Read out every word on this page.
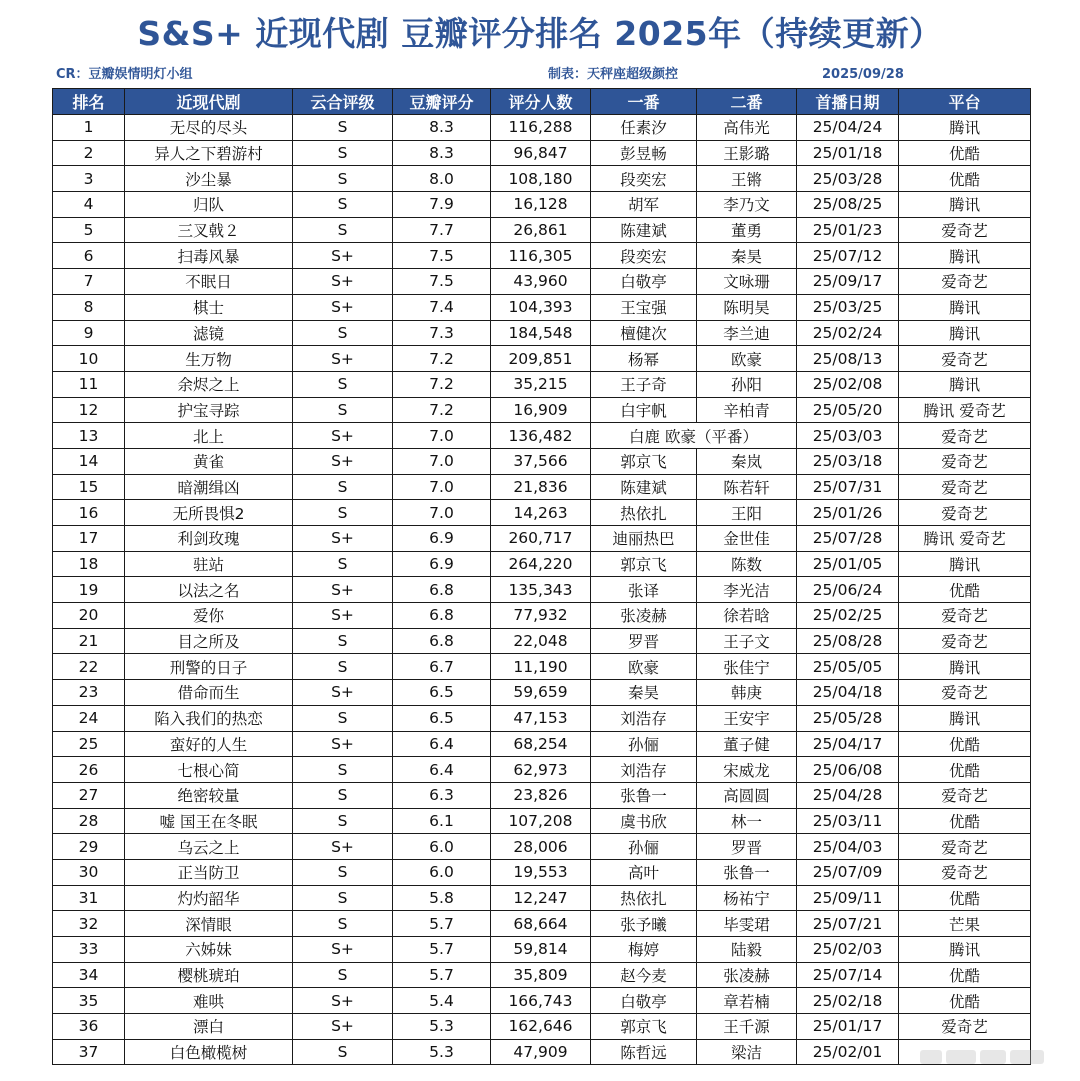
S&S+ 近现代剧 豆瓣评分排名 2025年（持续更新）
CR：豆瓣娱情明灯小组	制表：天秤座超级颜控	2025/09/28
排名	近现代剧	云合评级	豆瓣评分	评分人数	一番	二番	首播日期	平台
1	无尽的尽头	S	8.3	116,288	任素汐	高伟光	25/04/24	腾讯
2	异人之下碧游村	S	8.3	96,847	彭昱畅	王影璐	25/01/18	优酷
3	沙尘暴	S	8.0	108,180	段奕宏	王锵	25/03/28	优酷
4	归队	S	7.9	16,128	胡军	李乃文	25/08/25	腾讯
5	三叉戟２	S	7.7	26,861	陈建斌	董勇	25/01/23	爱奇艺
6	扫毒风暴	S+	7.5	116,305	段奕宏	秦昊	25/07/12	腾讯
7	不眠日	S+	7.5	43,960	白敬亭	文咏珊	25/09/17	爱奇艺
8	棋士	S+	7.4	104,393	王宝强	陈明昊	25/03/25	腾讯
9	滤镜	S	7.3	184,548	檀健次	李兰迪	25/02/24	腾讯
10	生万物	S+	7.2	209,851	杨幂	欧豪	25/08/13	爱奇艺
11	余烬之上	S	7.2	35,215	王子奇	孙阳	25/02/08	腾讯
12	护宝寻踪	S	7.2	16,909	白宇帆	辛柏青	25/05/20	腾讯 爱奇艺
13	北上	S+	7.0	136,482	白鹿 欧豪（平番）		25/03/03	爱奇艺
14	黄雀	S+	7.0	37,566	郭京飞	秦岚	25/03/18	爱奇艺
15	暗潮缉凶	S	7.0	21,836	陈建斌	陈若轩	25/07/31	爱奇艺
16	无所畏惧2	S	7.0	14,263	热依扎	王阳	25/01/26	爱奇艺
17	利剑玫瑰	S+	6.9	260,717	迪丽热巴	金世佳	25/07/28	腾讯 爱奇艺
18	驻站	S	6.9	264,220	郭京飞	陈数	25/01/05	腾讯
19	以法之名	S+	6.8	135,343	张译	李光洁	25/06/24	优酷
20	爱你	S+	6.8	77,932	张凌赫	徐若晗	25/02/25	爱奇艺
21	目之所及	S	6.8	22,048	罗晋	王子文	25/08/28	爱奇艺
22	刑警的日子	S	6.7	11,190	欧豪	张佳宁	25/05/05	腾讯
23	借命而生	S+	6.5	59,659	秦昊	韩庚	25/04/18	爱奇艺
24	陷入我们的热恋	S	6.5	47,153	刘浩存	王安宇	25/05/28	腾讯
25	蛮好的人生	S+	6.4	68,254	孙俪	董子健	25/04/17	优酷
26	七根心简	S	6.4	62,973	刘浩存	宋威龙	25/06/08	优酷
27	绝密较量	S	6.3	23,826	张鲁一	高圆圆	25/04/28	爱奇艺
28	嘘 国王在冬眠	S	6.1	107,208	虞书欣	林一	25/03/11	优酷
29	乌云之上	S+	6.0	28,006	孙俪	罗晋	25/04/03	爱奇艺
30	正当防卫	S	6.0	19,553	高叶	张鲁一	25/07/09	爱奇艺
31	灼灼韶华	S	5.8	12,247	热依扎	杨祐宁	25/09/11	优酷
32	深情眼	S	5.7	68,664	张予曦	毕雯珺	25/07/21	芒果
33	六姊妹	S+	5.7	59,814	梅婷	陆毅	25/02/03	腾讯
34	樱桃琥珀	S	5.7	35,809	赵今麦	张凌赫	25/07/14	优酷
35	难哄	S+	5.4	166,743	白敬亭	章若楠	25/02/18	优酷
36	漂白	S+	5.3	162,646	郭京飞	王千源	25/01/17	爱奇艺
37	白色橄榄树	S	5.3	47,909	陈哲远	梁洁	25/02/01	
